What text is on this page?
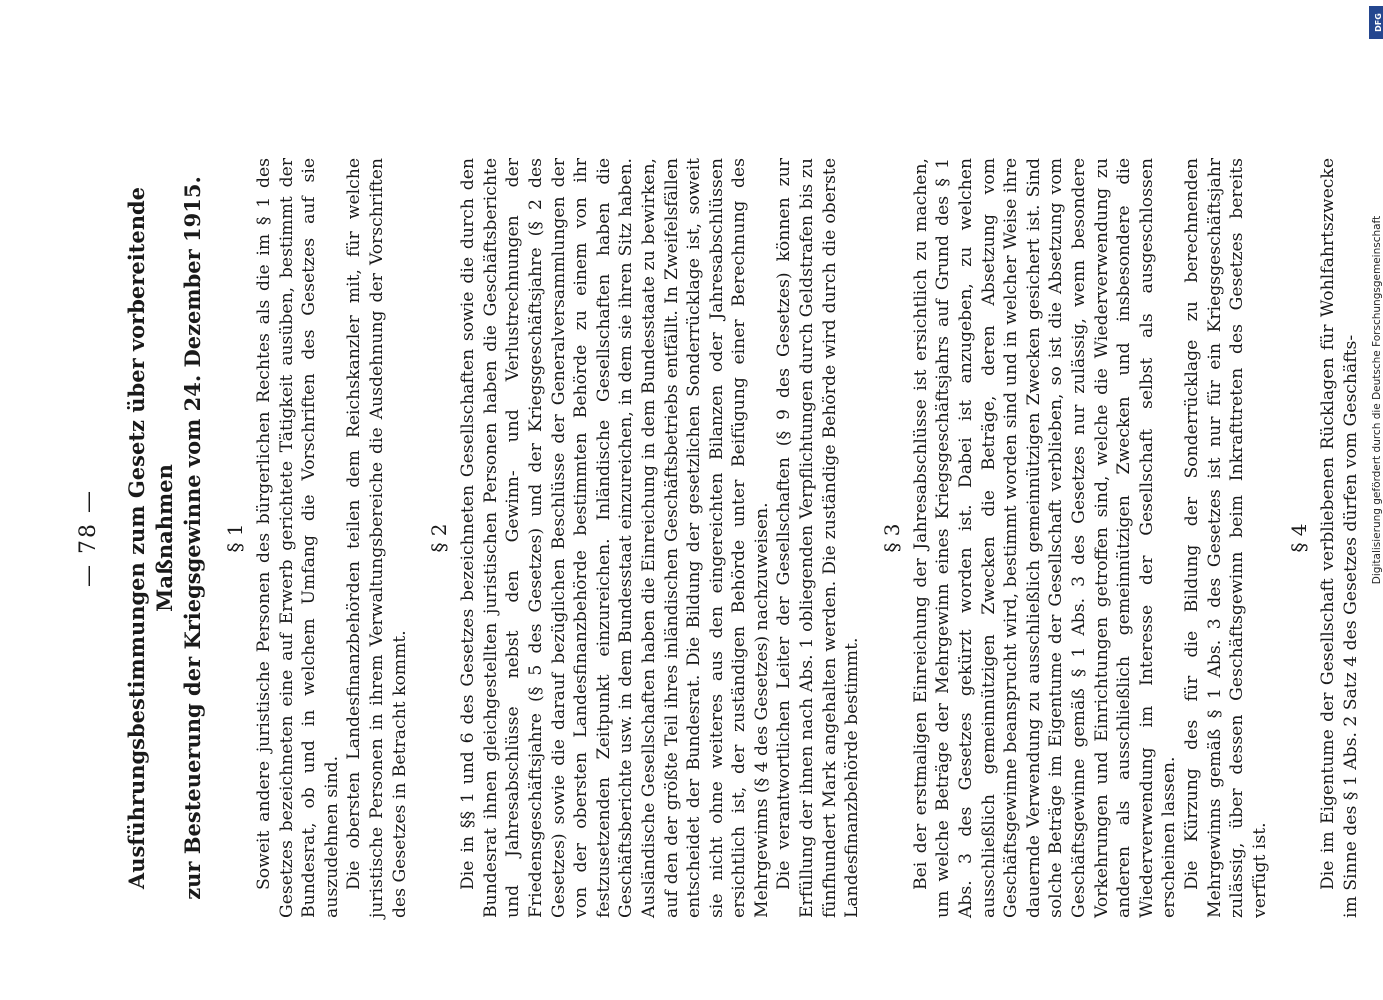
— 78 — Ausführungsbestimmungen zum Gesetz über vorbereitende Maßnahmen zur Besteuerung der Kriegsgewinne vom 24. Dezember 1915. § 1 Soweit andere juristische Personen des bürgerlichen Rechtes als die im § 1 des Gesetzes bezeichneten eine auf Erwerb gerichtete Tätigkeit ausüben, bestimmt der Bundesrat, ob und in welchem Umfang die Vorschriften des Gesetzes auf sie auszudehnen sind. Die obersten Landesfinanzbehörden teilen dem Reichskanzler mit, für welche juristische Personen in ihrem Verwaltungsbereiche die Ausdehnung der Vorschriften des Gesetzes in Betracht kommt.

§ 2 Die in §§ 1 und 6 des Gesetzes bezeichneten Gesellschaften sowie die durch den Bundesrat ihnen gleichgestellten juristischen Personen haben die Geschäftsberichte und Jahresabschlüsse nebst den Gewinn- und Verlustrechnungen der Friedensgeschäftsjahre (§ 5 des Gesetzes) und der Kriegsgeschäftsjahre (§ 2 des Gesetzes) sowie die darauf bezüglichen Beschlüsse der Generalversammlungen der von der obersten Landesfinanzbehörde bestimmten Behörde zu einem von ihr festzusetzenden Zeitpunkt einzureichen. Inländische Gesellschaften haben die Geschäftsberichte usw. in dem Bundesstaat einzureichen, in dem sie ihren Sitz haben. Ausländische Gesellschaften haben die Einreichung in dem Bundesstaate zu bewirken, auf den der größte Teil ihres inländischen Geschäftsbetriebs entfällt. In Zweifelsfällen entscheidet der Bundesrat. Die Bildung der gesetzlichen Sonderrücklage ist, soweit sie nicht ohne weiteres aus den eingereichten Bilanzen oder Jahresabschlüssen ersichtlich ist, der zuständigen Behörde unter Beifügung einer Berechnung des Mehrgewinns (§ 4 des Gesetzes) nachzuweisen. Die verantwortlichen Leiter der Gesellschaften (§ 9 des Gesetzes) können zur Erfüllung der ihnen nach Abs. 1 obliegenden Verpflichtungen durch Geldstrafen bis zu fünfhundert Mark angehalten werden. Die zuständige Behörde wird durch die oberste Landesfinanzbehörde bestimmt.

§ 3 Bei der erstmaligen Einreichung der Jahresabschlüsse ist ersichtlich zu machen, um welche Beträge der Mehrgewinn eines Kriegsgeschäftsjahrs auf Grund des § 1 Abs. 3 des Gesetzes gekürzt worden ist. Dabei ist anzugeben, zu welchen ausschließlich gemeinnützigen Zwecken die Beträge, deren Absetzung vom Geschäftsgewinne beansprucht wird, bestimmt worden sind und in welcher Weise ihre dauernde Verwendung zu ausschließlich gemeinnützigen Zwecken gesichert ist. Sind solche Beträge im Eigentume der Gesellschaft verblieben, so ist die Absetzung vom Geschäftsgewinne gemäß § 1 Abs. 3 des Gesetzes nur zulässig, wenn besondere Vorkehrungen und Einrichtungen getroffen sind, welche die Wiederverwendung zu anderen als ausschließlich gemeinnützigen Zwecken und insbesondere die Wiederverwendung im Interesse der Gesellschaft selbst als ausgeschlossen erscheinen lassen. Die Kürzung des für die Bildung der Sonderrücklage zu berechnenden Mehrgewinns gemäß § 1 Abs. 3 des Gesetzes ist nur für ein Kriegsgeschäftsjahr zulässig, über dessen Geschäftsgewinn beim Inkrafttreten des Gesetzes bereits verfügt ist.

§ 4 Die im Eigentume der Gesellschaft verbliebenen Rücklagen für Wohlfahrtszwecke im Sinne des § 1 Abs. 2 Satz 4 des Gesetzes dürfen vom Geschäfts-

DFG
Digitalisierung gefördert durch die Deutsche Forschungsgemeinschaft
